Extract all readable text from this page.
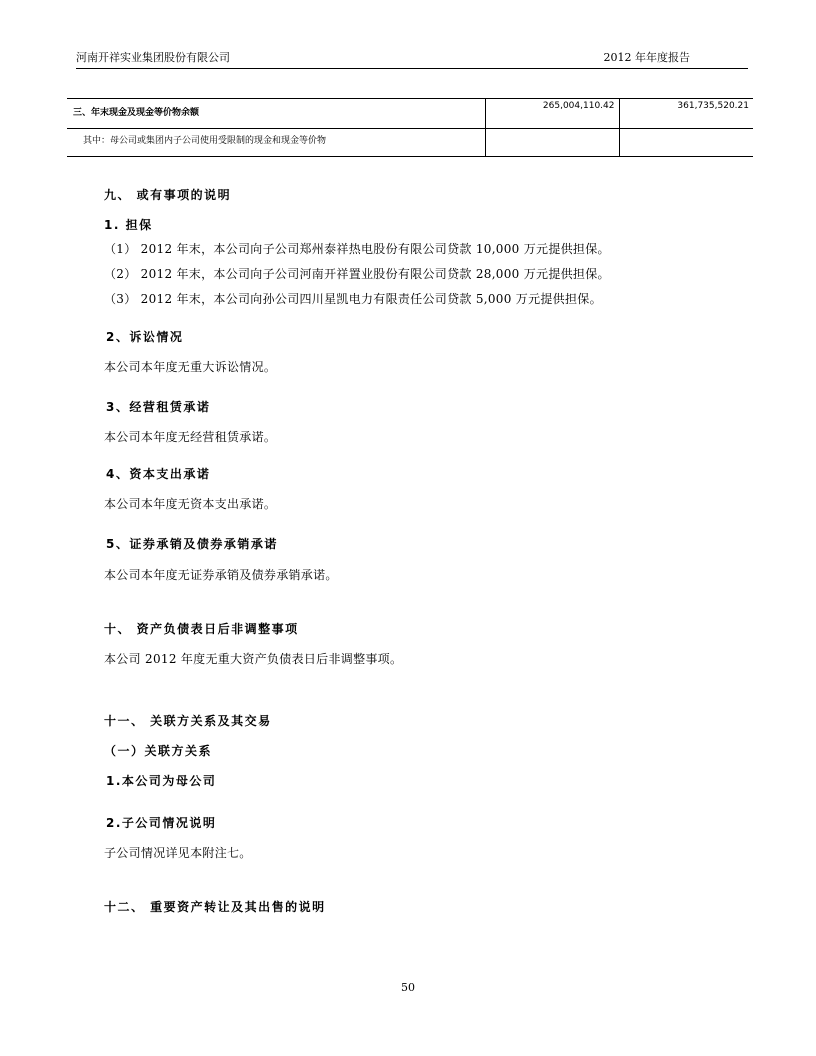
河南开祥实业集团股份有限公司	2012 年年度报告
三、年末现金及现金等价物余额	265,004,110.42	361,735,520.21
其中：母公司或集团内子公司使用受限制的现金和现金等价物		
九、 或有事项的说明
1. 担保
（1） 2012 年末，本公司向子公司郑州泰祥热电股份有限公司贷款 10,000 万元提供担保。
（2） 2012 年末，本公司向子公司河南开祥置业股份有限公司贷款 28,000 万元提供担保。
（3） 2012 年末，本公司向孙公司四川星凯电力有限责任公司贷款 5,000 万元提供担保。
2、诉讼情况
本公司本年度无重大诉讼情况。
3、经营租赁承诺
本公司本年度无经营租赁承诺。
4、资本支出承诺
本公司本年度无资本支出承诺。
5、证券承销及债券承销承诺
本公司本年度无证券承销及债券承销承诺。
十、 资产负债表日后非调整事项
本公司 2012 年度无重大资产负债表日后非调整事项。
十一、 关联方关系及其交易
（一）关联方关系
1.本公司为母公司
2.子公司情况说明
子公司情况详见本附注七。
十二、 重要资产转让及其出售的说明
50
